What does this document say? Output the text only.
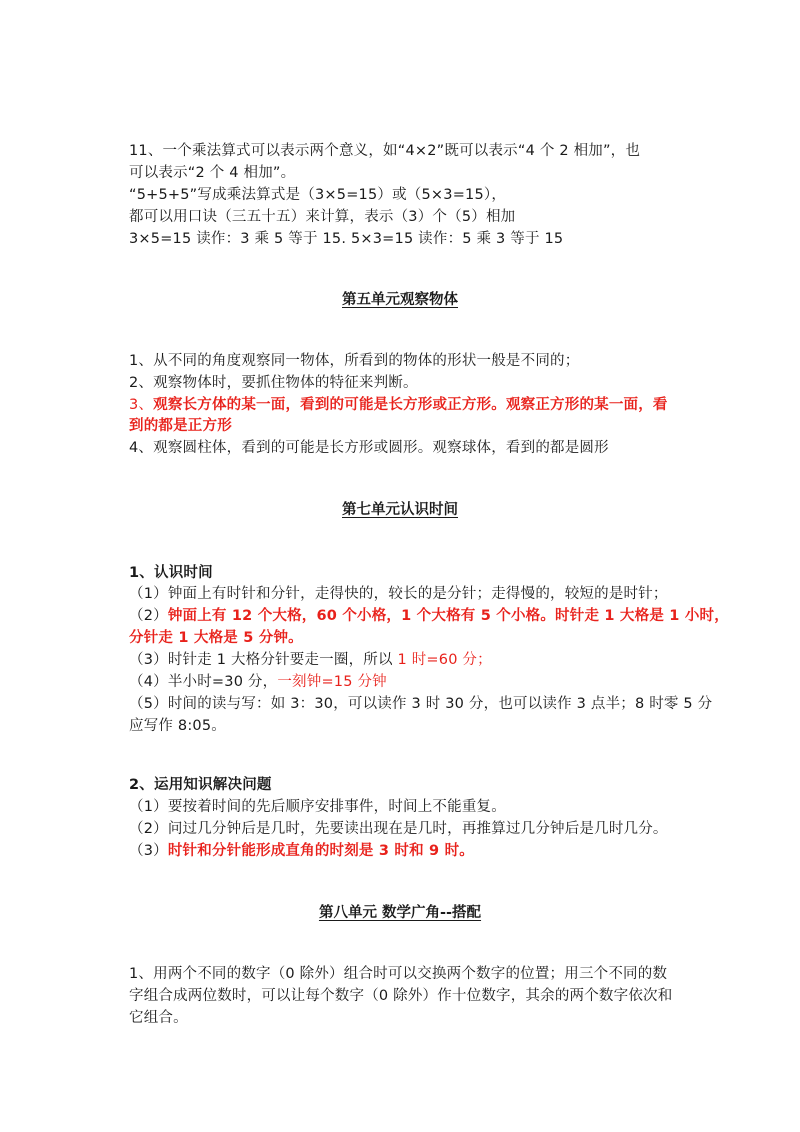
11、一个乘法算式可以表示两个意义，如“4×2”既可以表示“4 个 2 相加”，也
可以表示“2 个 4 相加”。
“5+5+5”写成乘法算式是（3×5=15）或（5×3=15），
都可以用口诀（三五十五）来计算，表示（3）个（5）相加
3×5=15 读作：3 乘 5 等于 15. 5×3=15 读作：5 乘 3 等于 15
第五单元观察物体
1、从不同的角度观察同一物体，所看到的物体的形状一般是不同的；
2、观察物体时，要抓住物体的特征来判断。
3、观察长方体的某一面，看到的可能是长方形或正方形。观察正方形的某一面，看
到的都是正方形
4、观察圆柱体，看到的可能是长方形或圆形。观察球体，看到的都是圆形
第七单元认识时间
1、认识时间
（1）钟面上有时针和分针，走得快的，较长的是分针；走得慢的，较短的是时针；
（2）钟面上有 12 个大格，60 个小格，1 个大格有 5 个小格。时针走 1 大格是 1 小时，
分针走 1 大格是 5 分钟。
（3）时针走 1 大格分针要走一圈，所以 1 时=60 分；
（4）半小时=30 分，一刻钟=15 分钟
（5）时间的读与写：如 3：30，可以读作 3 时 30 分，也可以读作 3 点半；8 时零 5 分
应写作 8:05。
2、运用知识解决问题
（1）要按着时间的先后顺序安排事件，时间上不能重复。
（2）问过几分钟后是几时，先要读出现在是几时，再推算过几分钟后是几时几分。
（3）时针和分针能形成直角的时刻是 3 时和 9 时。
第八单元 数学广角--搭配
1、用两个不同的数字（0 除外）组合时可以交换两个数字的位置；用三个不同的数
字组合成两位数时，可以让每个数字（0 除外）作十位数字，其余的两个数字依次和
它组合。
